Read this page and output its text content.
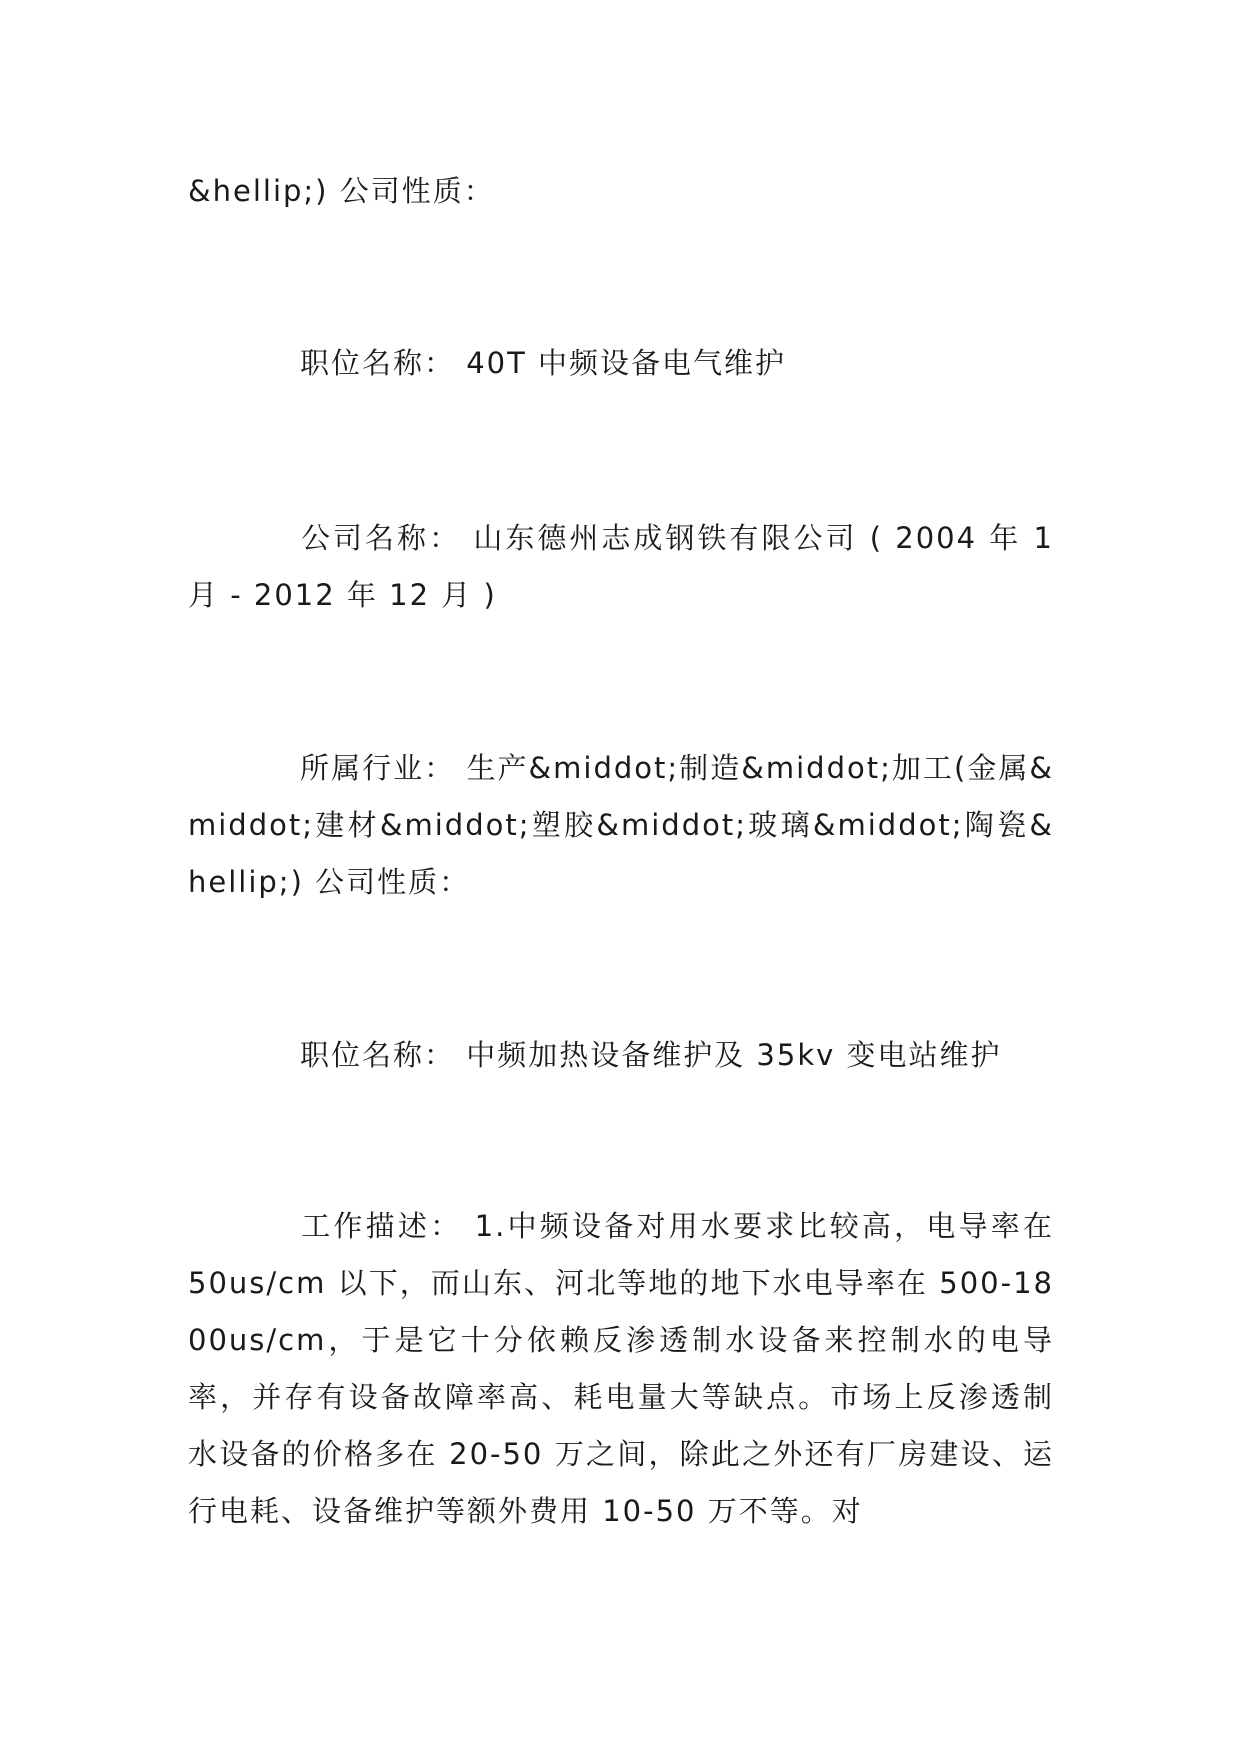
&hellip;) 公司性质：

职位名称： 40T 中频设备电气维护

公司名称： 山东德州志成钢铁有限公司 ( 2004 年 1 月 - 2012 年 12 月 )

所属行业： 生产&middot;制造&middot;加工(金属&middot;建材&middot;塑胶&middot;玻璃&middot;陶瓷&hellip;) 公司性质：

职位名称： 中频加热设备维护及 35kv 变电站维护

工作描述： 1.中频设备对用水要求比较高，电导率在 50us/cm 以下，而山东、河北等地的地下水电导率在 500-1800us/cm，于是它十分依赖反渗透制水设备来控制水的电导率，并存有设备故障率高、耗电量大等缺点。市场上反渗透制水设备的价格多在 20-50 万之间，除此之外还有厂房建设、运行电耗、设备维护等额外费用 10-50 万不等。对
